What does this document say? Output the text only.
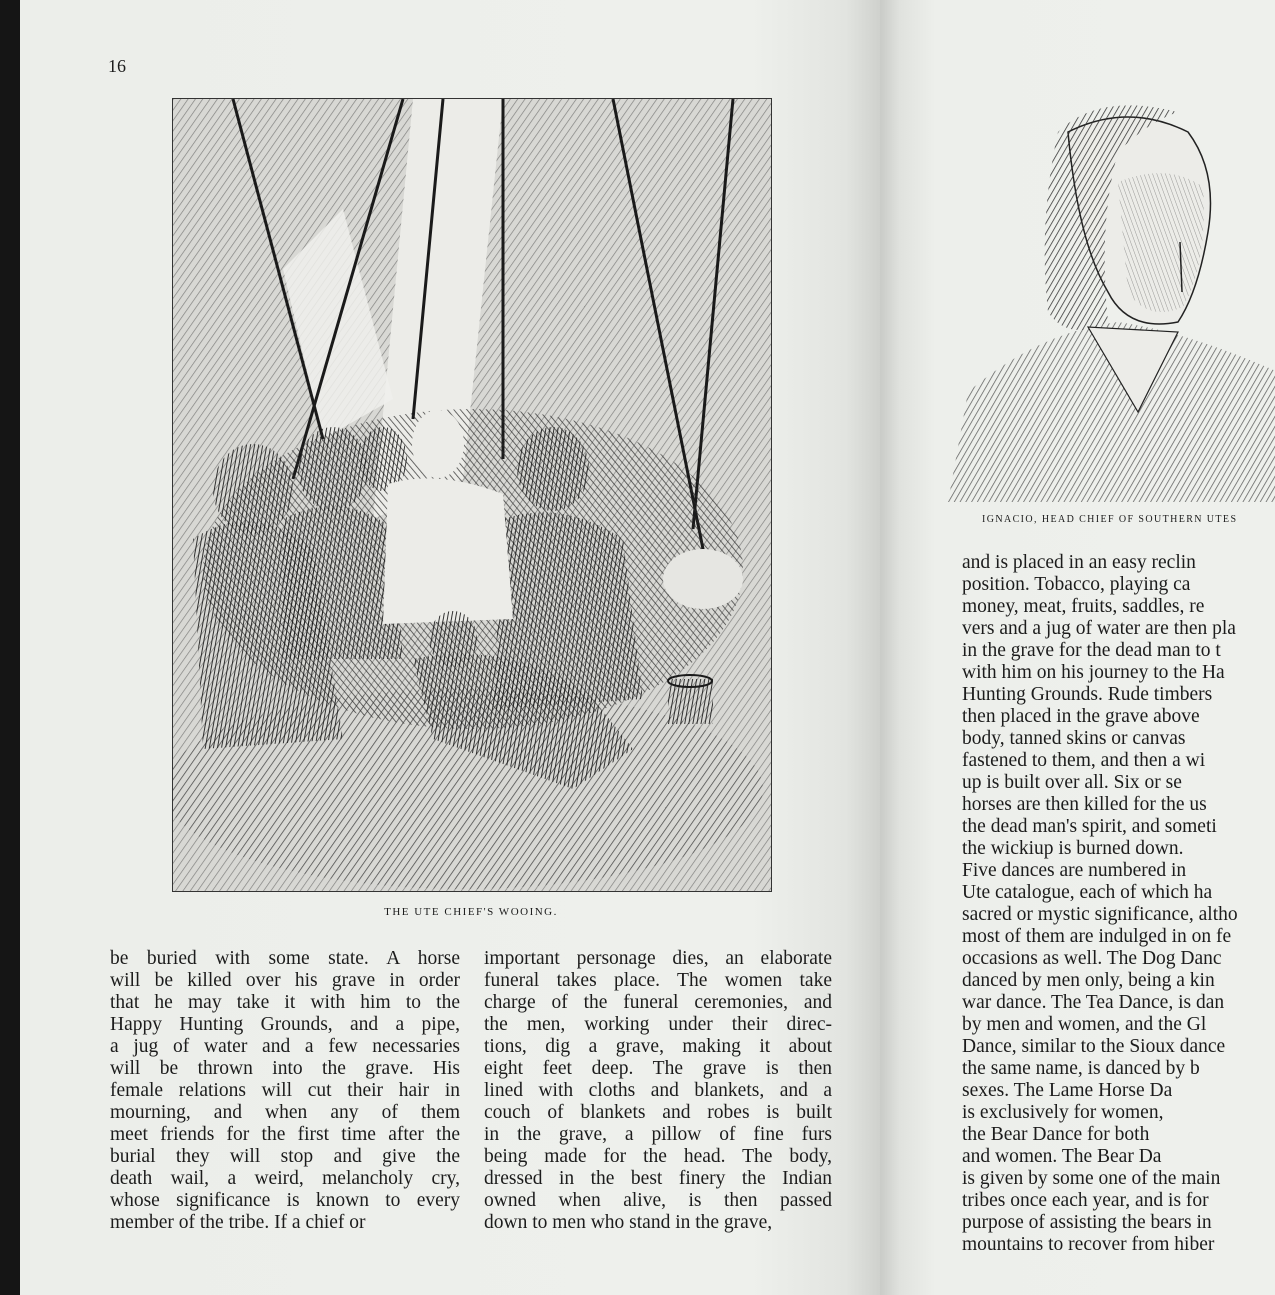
16
THE UTE CHIEF'S WOOING.
be buried with some state. A horse
will be killed over his grave in order
that he may take it with him to the
Happy Hunting Grounds, and a pipe,
a jug of water and a few necessaries
will be thrown into the grave. His
female relations will cut their hair in
mourning, and when any of them
meet friends for the first time after the
burial they will stop and give the
death wail, a weird, melancholy cry,
whose significance is known to every
member of the tribe. If a chief or
important personage dies, an elaborate
funeral takes place. The women take
charge of the funeral ceremonies, and
the men, working under their direc-
tions, dig a grave, making it about
eight feet deep. The grave is then
lined with cloths and blankets, and a
couch of blankets and robes is built
in the grave, a pillow of fine furs
being made for the head. The body,
dressed in the best finery the Indian
owned when alive, is then passed
down to men who stand in the grave,
IGNACIO, HEAD CHIEF OF SOUTHERN UTES
and is placed in an easy reclin
position. Tobacco, playing ca
money, meat, fruits, saddles, re
vers and a jug of water are then pla
in the grave for the dead man to t
with him on his journey to the Ha
Hunting Grounds. Rude timbers
then placed in the grave above
body, tanned skins or canvas
fastened to them, and then a wi
up is built over all. Six or se
horses are then killed for the us
the dead man's spirit, and someti
the wickiup is burned down.
Five dances are numbered in
Ute catalogue, each of which ha
sacred or mystic significance, altho
most of them are indulged in on fe
occasions as well. The Dog Danc
danced by men only, being a kin
war dance. The Tea Dance, is dan
by men and women, and the Gl
Dance, similar to the Sioux dance
the same name, is danced by b
sexes. The Lame Horse Da
is exclusively for women,
the Bear Dance for both
and women. The Bear Da
is given by some one of the main
tribes once each year, and is for
purpose of assisting the bears in
mountains to recover from hiber
